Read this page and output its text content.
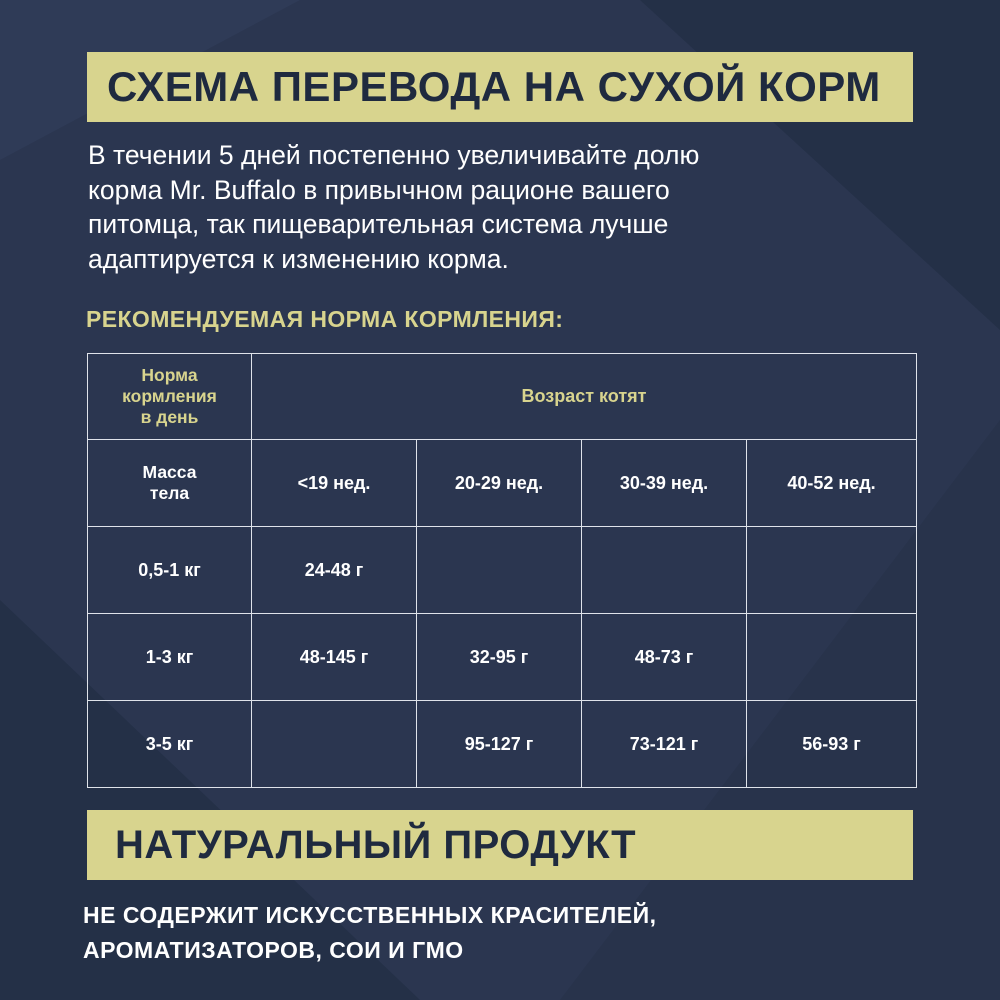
СХЕМА ПЕРЕВОДА НА СУХОЙ КОРМ

В течении 5 дней постепенно увеличивайте долю
корма Mr. Buffalo в привычном рационе вашего
питомца, так пищеварительная система лучше
адаптируется к изменению корма.

РЕКОМЕНДУЕМАЯ НОРМА КОРМЛЕНИЯ:
Норма
кормления
в день	Возраст котят			
Масса
тела	<19 нед.	20-29 нед.	30-39 нед.	40-52 нед.
0,5-1 кг	24-48 г			
1-3 кг	48-145 г	32-95 г	48-73 г	
3-5 кг		95-127 г	73-121 г	56-93 г
НАТУРАЛЬНЫЙ ПРОДУКТ

НЕ СОДЕРЖИТ ИСКУССТВЕННЫХ КРАСИТЕЛЕЙ,
АРОМАТИЗАТОРОВ, СОИ И ГМО
